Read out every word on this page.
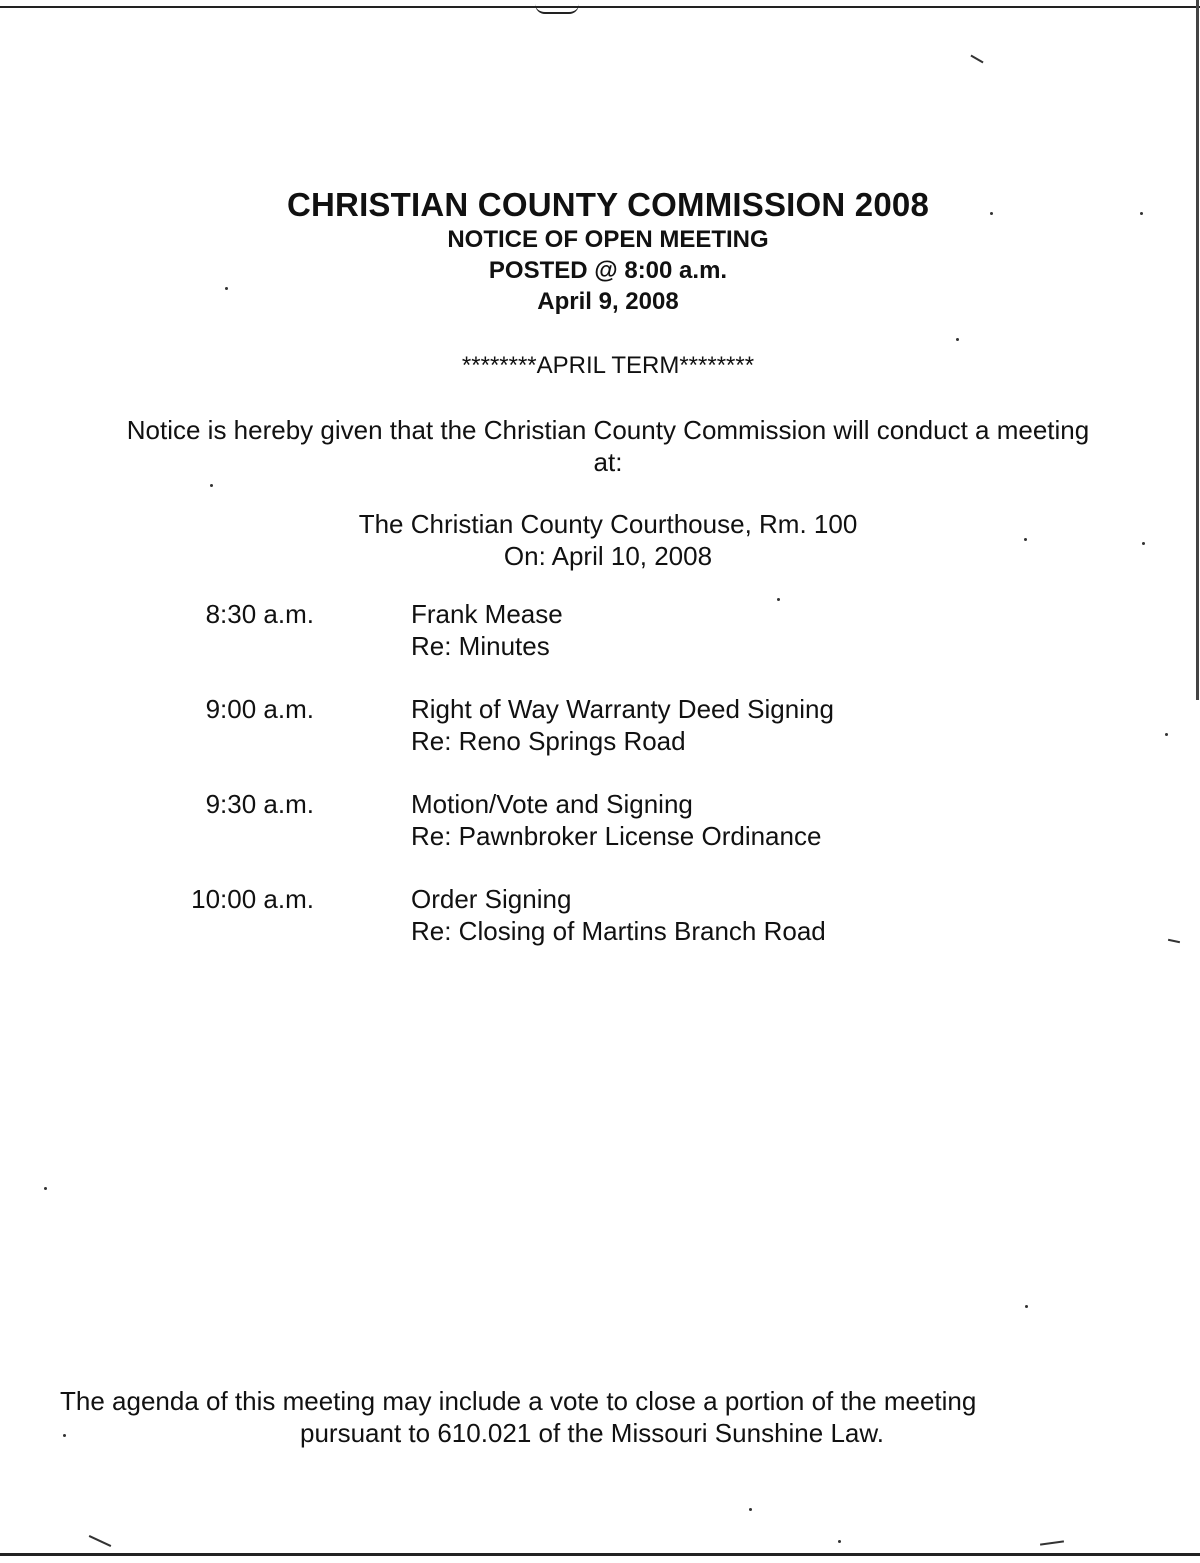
CHRISTIAN COUNTY COMMISSION 2008
NOTICE OF OPEN MEETING
POSTED @ 8:00 a.m.
April 9, 2008
********APRIL TERM********
Notice is hereby given that the Christian County Commission will conduct a meeting at:
The Christian County Courthouse, Rm. 100
On: April 10, 2008
8:30 a.m.	Frank Mease
Re: Minutes
9:00 a.m.	Right of Way Warranty Deed Signing
Re: Reno Springs Road
9:30 a.m.	Motion/Vote and Signing
Re: Pawnbroker License Ordinance
10:00 a.m.	Order Signing
Re: Closing of Martins Branch Road
The agenda of this meeting may include a vote to close a portion of the meeting
pursuant to 610.021 of the Missouri Sunshine Law.
